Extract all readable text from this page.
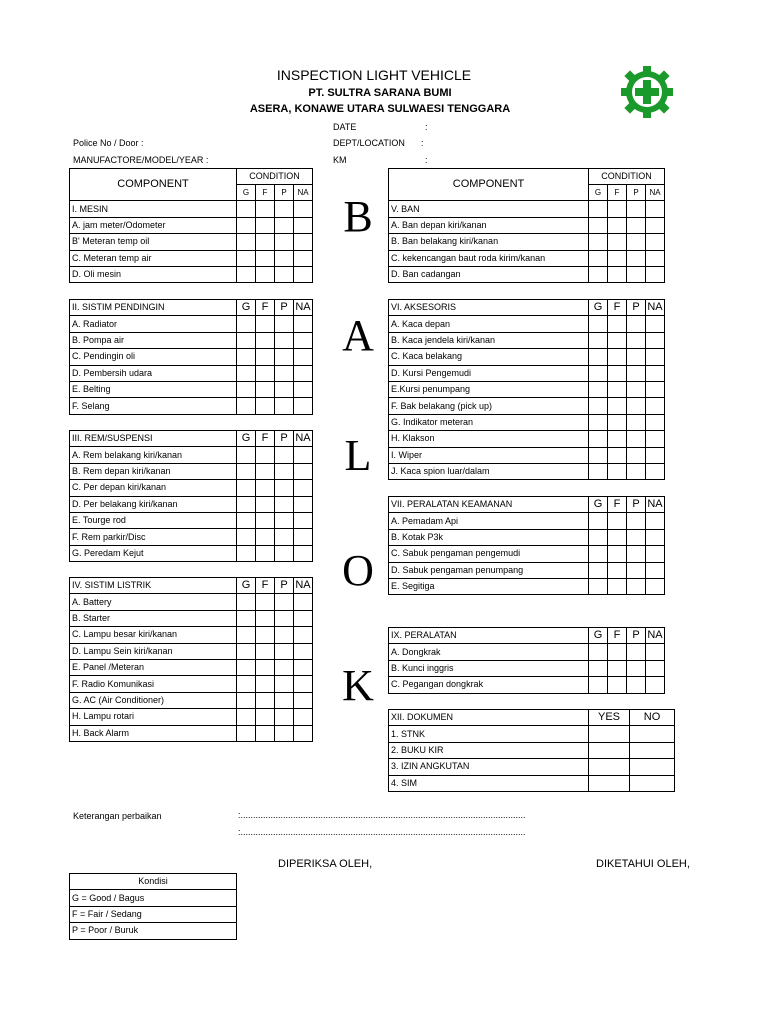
INSPECTION LIGHT VEHICLE
PT. SULTRA SARANA BUMI
ASERA, KONAWE UTARA SULWAESI TENGGARA
DATE	:
DEPT/LOCATION :
KM	:
Police No / Door :
MANUFACTORE/MODEL/YEAR :
COMPONENT	CONDITION			
	G	F	P	NA
I. MESIN				
A. jam meter/Odometer				
B' Meteran temp oil				
C. Meteran temp air				
D. Oli mesin				
II. SISTIM PENDINGIN	G	F	P	NA
A. Radiator				
B. Pompa air				
C. Pendingin oli				
D. Pembersih udara				
E. Belting				
F. Selang				
III. REM/SUSPENSI	G	F	P	NA
A. Rem belakang kiri/kanan				
B. Rem depan kiri/kanan				
C. Per depan kiri/kanan				
D. Per belakang kiri/kanan				
E. Tourge rod				
F. Rem parkir/Disc				
G. Peredam Kejut				
IV. SISTIM LISTRIK	G	F	P	NA
A. Battery				
B. Starter				
C. Lampu besar kiri/kanan				
D. Lampu Sein kiri/kanan				
E. Panel /Meteran				
F. Radio Komunikasi				
G. AC (Air Conditioner)				
H. Lampu rotari				
H. Back Alarm				
COMPONENT	CONDITION			
	G	F	P	NA
V. BAN				
A. Ban depan kiri/kanan				
B. Ban belakang kiri/kanan				
C. kekencangan baut roda kirim/kanan				
D. Ban cadangan				
VI. AKSESORIS	G	F	P	NA
A. Kaca depan				
B. Kaca jendela kiri/kanan				
C. Kaca belakang				
D. Kursi Pengemudi				
E.Kursi penumpang				
F. Bak belakang (pick up)				
G. Indikator meteran				
H. Klakson				
I. Wiper				
J. Kaca spion luar/dalam				
VII. PERALATAN KEAMANAN	G	F	P	NA
A. Pemadam Api				
B. Kotak P3k				
C. Sabuk pengaman pengemudi				
D. Sabuk pengaman penumpang				
E. Segitiga				
IX. PERALATAN	G	F	P	NA
A. Dongkrak				
B. Kunci inggris				
C. Pegangan dongkrak				
XII. DOKUMEN	YES	NO
1. STNK		
2. BUKU KIR		
3. IZIN ANGKUTAN		
4. SIM		
B
A
L
O
K
Keterangan perbaikan	:..................................................................................................................
:..................................................................................................................
DIPERIKSA OLEH,	DIKETAHUI OLEH,
Kondisi
G = Good / Bagus
F = Fair / Sedang
P = Poor / Buruk
